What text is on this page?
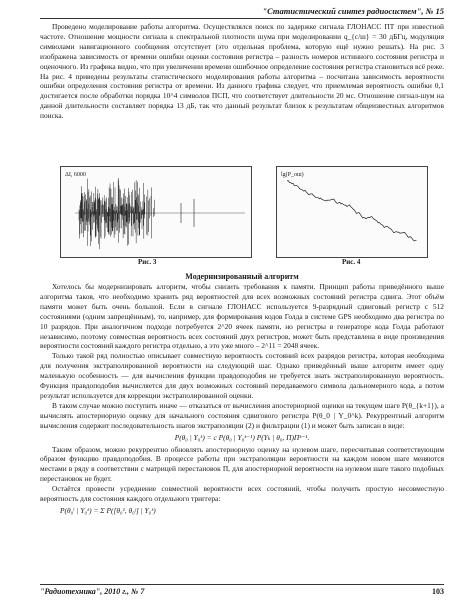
"Статистический синтез радиосистем", № 15

Проведено моделирование работы алгоритма. Осуществлялся поиск по задержке сигнала ГЛОНАСС ПТ при известной частоте. Отношение мощности сигнала к спектральной плотности шума при моделировании q_{c/ш} = 30 дБГц, модуляция символами навигационного сообщения отсутствует (это отдельная проблема, которую ещё нужно решать). На рис. 3 изображена зависимость от времени ошибки оценки состояния регистра – разность номеров истинного состояния регистра и оценочного. Из графика видно, что при увеличении времени ошибочное определение состояния регистра становиться всё реже. На рис. 4 приведены результаты статистического моделирования работы алгоритма – посчитана зависимость вероятности ошибки определения состояния регистра от времени. Из данного графика следует, что приемлемая вероятность ошибки 0,1 достигается после обработки порядка 10^4 символов ПСП, что соответствует длительности 20 мс. Отношение сигнал-шум на данной длительности составляет порядка 13 дБ, так что данный результат близок к результатам общеизвестных алгоритмов поиска.

ΔI, 6000
Рис. 3
lg(P_ош)
Рис. 4
Модернизированный алгоритм

Хотелось бы модернизировать алгоритм, чтобы снизить требования к памяти. Принцип работы приведённого выше алгоритма таков, что необходимо хранить ряд вероятностей для всех возможных состояний регистра сдвига. Этот объём памяти может быть очень большой. Если в сигнале ГЛОНАСС используется 9-разрядный сдвиговый регистр с 512 состояниями (одним запрещённым), то, например, для формирования кодов Голда в системе GPS необходимо два регистра по 10 разрядов. При аналогичном подходе потребуется 2^20 ячеек памяти, но регистры в генераторе кода Голда работают независимо, поэтому совместная вероятность всех состояний двух регистров, может быть представлена в виде произведения вероятности состояний каждого регистра отдельно, а это уже много – 2^11 = 2048 ячеек.

Только такой ряд полностью описывает совместную вероятность состояний всех разрядов регистра, которая необходима для получения экстраполированной вероятности на следующий шаг. Однако приведённый выше алгоритм имеет одну маленькую особенность — для вычисления функции правдоподобия не требуется знать экстраполированную вероятность. Функция правдоподобия вычисляется для двух возможных состояний передаваемого символа дальномерного кода, а потом результат используется для коррекции экстраполированной оценки.

В таком случае можно поступить иначе — отказаться от вычисления апостериорной оценки на текущем шаге P(θ_{k+1}), а вычислять апостериорную оценку для начального состояния сдвигового регистра P(θ_0 | Y_0^k). Рекуррентный алгоритм вычисления содержит последовательность шагов экстраполяции (2) и фильтрации (1) и может быть записан в виде:

P(θ₀ | Y₀ᵏ) = c P(θ₀ | Y₀ᵏ⁻¹) P(Yₖ | θ₀, Π)Πᵏ⁻¹.

Таким образом, можно рекуррентно обновлять апостериорную оценку на нулевом шаге, пересчитывая соответствующим образом функцию правдоподобия. В процессе работы при экстраполяции вероятности на каждом новом шаге меняются местами в ряду в соответствии с матрицей перестановок Π, для апостериорной вероятности на нулевом шаге такого подобных перестановок не будет.

Остаётся провести усреднение совместной вероятности всех состояний, чтобы получить простую несовместную вероятность для состояния каждого отдельного триггера:

P(θ₀ⁱ | Y₀ᵏ) = Σ P([θ₀¹, θ₀ʲ] | Y₀ᵏ)

"Радиотехника", 2010 г., № 7	103
